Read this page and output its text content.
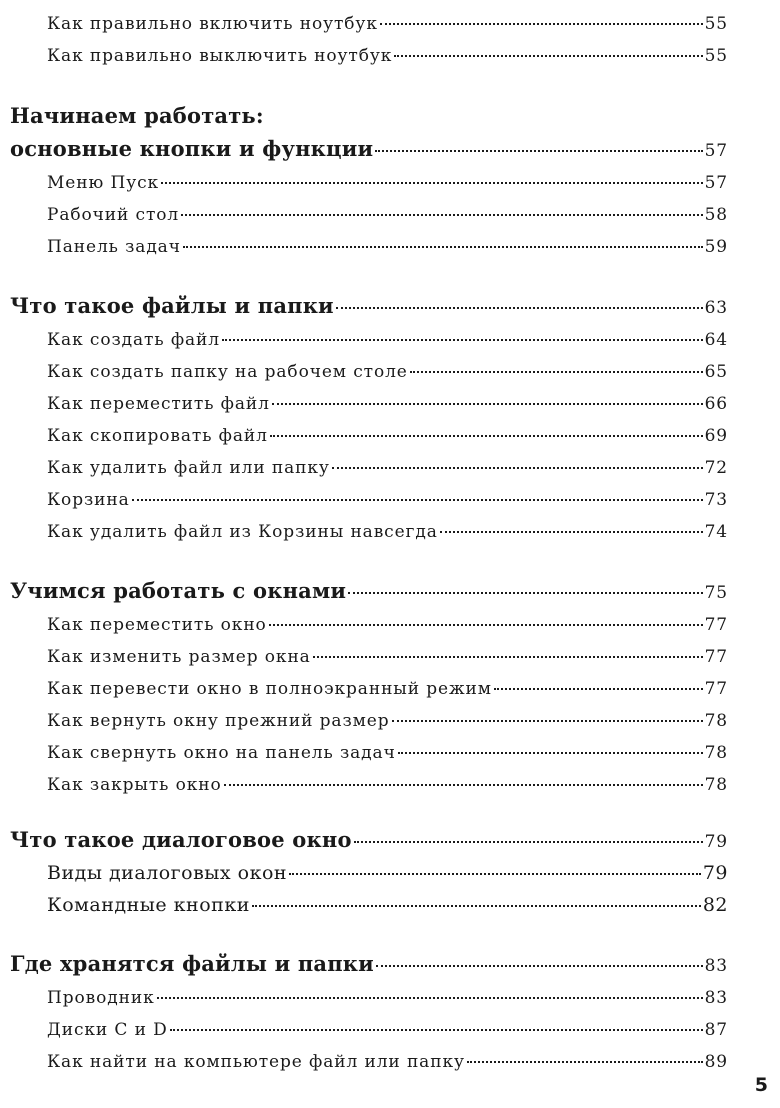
Как правильно включить ноутбук	55
Как правильно выключить ноутбук	55
Начинаем работать:
основные кнопки и функции	57
Меню Пуск	57
Рабочий стол	58
Панель задач	59
Что такое файлы и папки	63
Как создать файл	64
Как создать папку на рабочем столе	65
Как переместить файл	66
Как скопировать файл	69
Как удалить файл или папку	72
Корзина	73
Как удалить файл из Корзины навсегда	74
Учимся работать с окнами	75
Как переместить окно	77
Как изменить размер окна	77
Как перевести окно в полноэкранный режим	77
Как вернуть окну прежний размер	78
Как свернуть окно на панель задач	78
Как закрыть окно	78
Что такое диалоговое окно	79
Виды диалоговых окон	79
Командные кнопки	82
Где хранятся файлы и папки	83
Проводник	83
Диски C и D	87
Как найти на компьютере файл или папку	89
5
